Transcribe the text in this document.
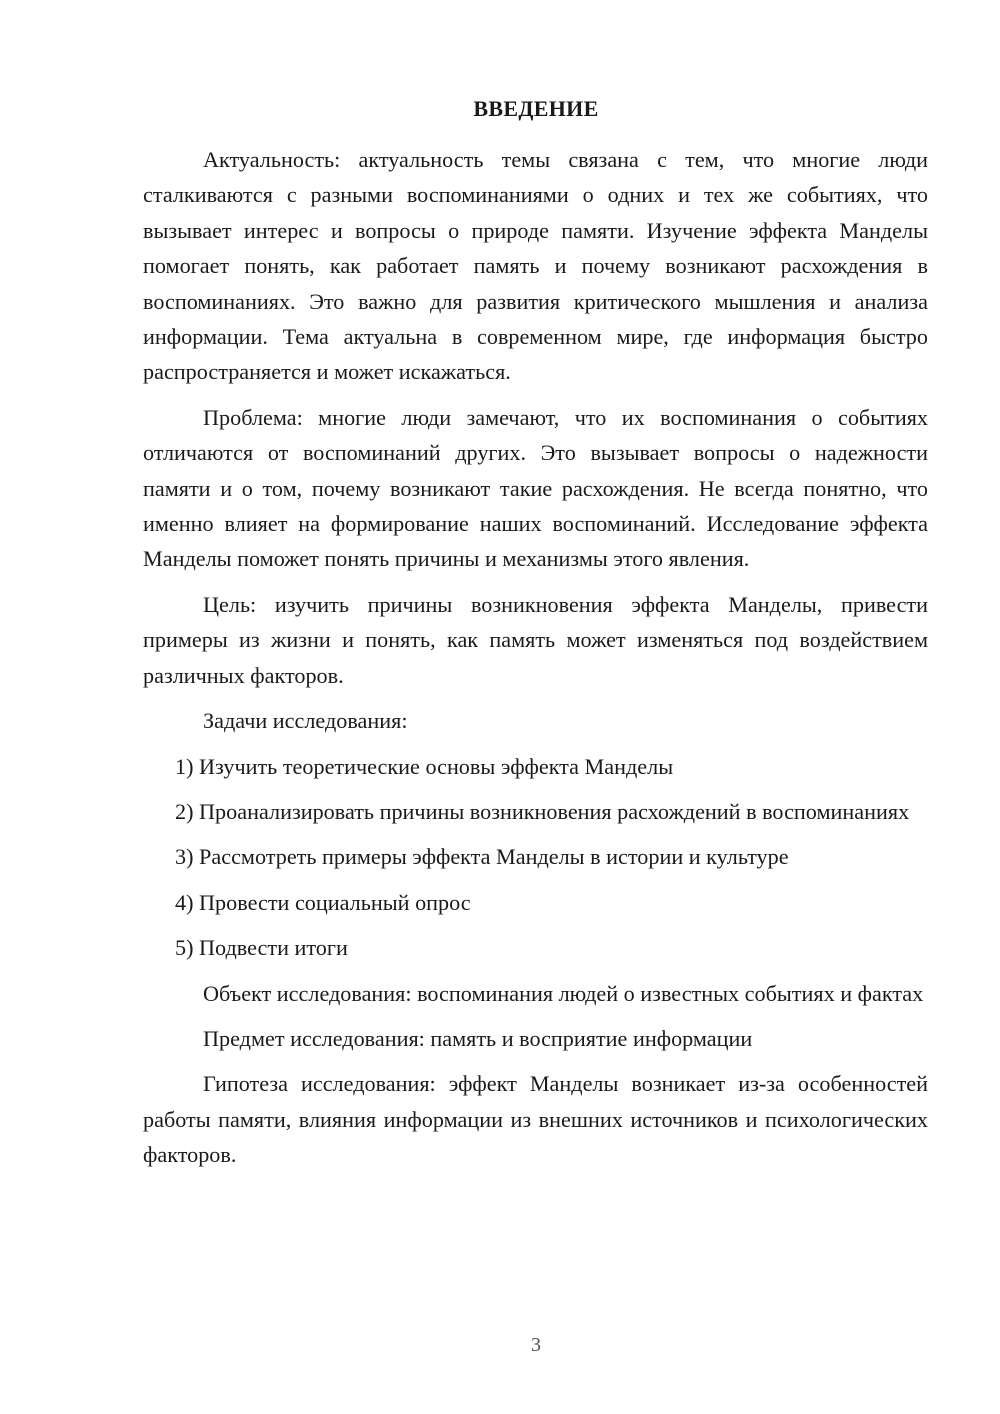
ВВЕДЕНИЕ

Актуальность: актуальность темы связана с тем, что многие люди сталкиваются с разными воспоминаниями о одних и тех же событиях, что вызывает интерес и вопросы о природе памяти. Изучение эффекта Манделы помогает понять, как работает память и почему возникают расхождения в воспоминаниях. Это важно для развития критического мышления и анализа информации. Тема актуальна в современном мире, где информация быстро распространяется и может искажаться.

Проблема: многие люди замечают, что их воспоминания о событиях отличаются от воспоминаний других. Это вызывает вопросы о надежности памяти и о том, почему возникают такие расхождения. Не всегда понятно, что именно влияет на формирование наших воспоминаний. Исследование эффекта Манделы поможет понять причины и механизмы этого явления.

Цель: изучить причины возникновения эффекта Манделы, привести примеры из жизни и понять, как память может изменяться под воздействием различных факторов.

Задачи исследования:

1) Изучить теоретические основы эффекта Манделы

2) Проанализировать причины возникновения расхождений в воспоминаниях

3) Рассмотреть примеры эффекта Манделы в истории и культуре

4) Провести социальный опрос

5) Подвести итоги

Объект исследования: воспоминания людей о известных событиях и фактах

Предмет исследования: память и восприятие информации

Гипотеза исследования: эффект Манделы возникает из-за особенностей работы памяти, влияния информации из внешних источников и психологических факторов.

3
